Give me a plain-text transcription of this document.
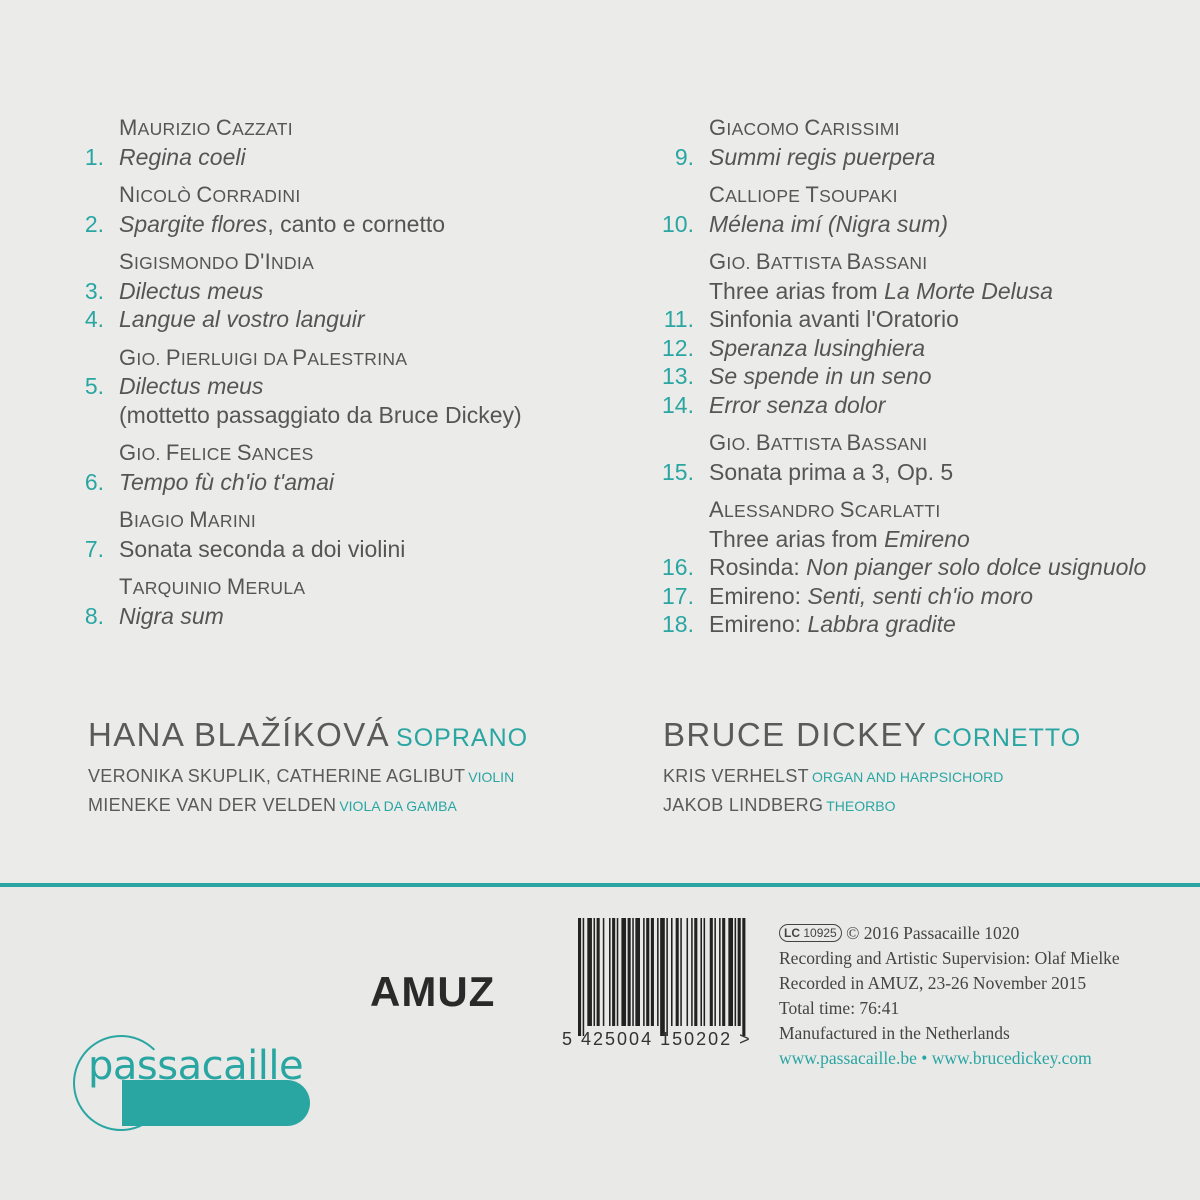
MAURIZIO CAZZATI
1. Regina coeli
NICOLÒ CORRADINI
2. Spargite flores, canto e cornetto
SIGISMONDO D'INDIA
3. Dilectus meus
4. Langue al vostro languir
GIO. PIERLUIGI DA PALESTRINA
5. Dilectus meus
(mottetto passaggiato da Bruce Dickey)
GIO. FELICE SANCES
6. Tempo fù ch'io t'amai
BIAGIO MARINI
7. Sonata seconda a doi violini
TARQUINIO MERULA
8. Nigra sum
GIACOMO CARISSIMI
9. Summi regis puerpera
CALLIOPE TSOUPAKI
10. Mélena imí (Nigra sum)
GIO. BATTISTA BASSANI
Three arias from La Morte Delusa
11. Sinfonia avanti l'Oratorio
12. Speranza lusinghiera
13. Se spende in un seno
14. Error senza dolor
GIO. BATTISTA BASSANI
15. Sonata prima a 3, Op. 5
ALESSANDRO SCARLATTI
Three arias from Emireno
16. Rosinda: Non pianger solo dolce usignuolo
17. Emireno: Senti, senti ch'io moro
18. Emireno: Labbra gradite
HANA BLAŽÍKOVÁ SOPRANO
VERONIKA SKUPLIK, CATHERINE AGLIBUT VIOLIN
MIENEKE VAN DER VELDEN VIOLA DA GAMBA
BRUCE DICKEY CORNETTO
KRIS VERHELST ORGAN AND HARPSICHORD
JAKOB LINDBERG THEORBO
passacaille
AMUZ
5 425004 150202 >
LC 10925 © 2016 Passacaille 1020
Recording and Artistic Supervision: Olaf Mielke
Recorded in AMUZ, 23-26 November 2015
Total time: 76:41
Manufactured in the Netherlands
www.passacaille.be • www.brucedickey.com
